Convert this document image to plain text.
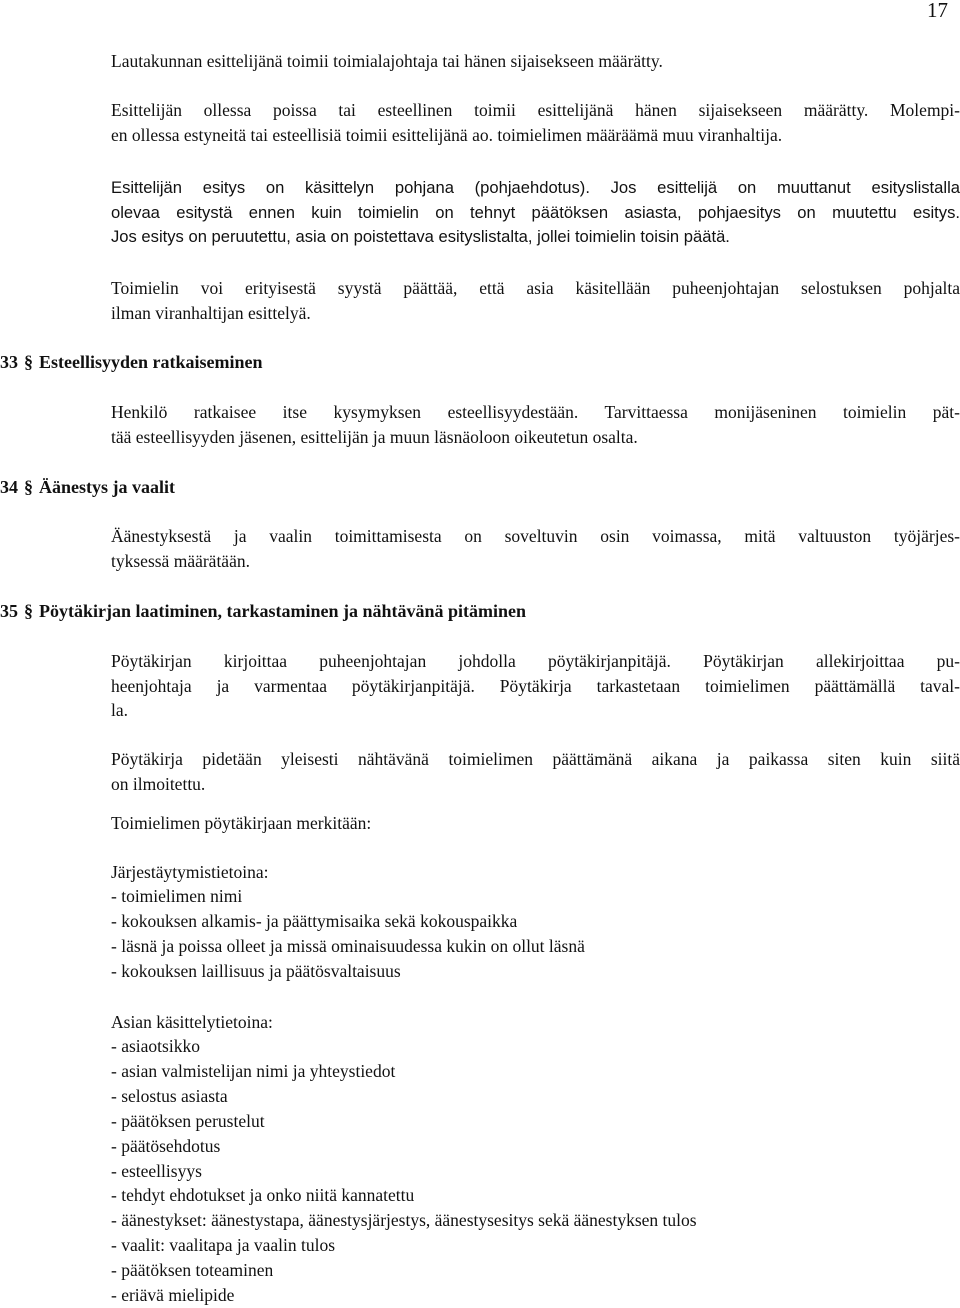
17

Lautakunnan esittelijänä toimii toimialajohtaja tai hänen sijaisekseen määrätty.

Esittelijän ollessa poissa tai esteellinen toimii esittelijänä hänen sijaisekseen määrätty. Molempi-
en ollessa estyneitä tai esteellisiä toimii esittelijänä ao. toimielimen määräämä muu viranhaltija.

Esittelijän esitys on käsittelyn pohjana (pohjaehdotus). Jos esittelijä on muuttanut esityslistalla
olevaa esitystä ennen kuin toimielin on tehnyt päätöksen asiasta, pohjaesitys on muutettu esitys.
Jos esitys on peruutettu, asia on poistettava esityslistalta, jollei toimielin toisin päätä.

Toimielin voi erityisestä syystä päättää, että asia käsitellään puheenjohtajan selostuksen pohjalta
ilman viranhaltijan esittelyä.

33 § Esteellisyyden ratkaiseminen

Henkilö ratkaisee itse kysymyksen esteellisyydestään. Tarvittaessa monijäseninen toimielin pät-
tää esteellisyyden jäsenen, esittelijän ja muun läsnäoloon oikeutetun osalta.

34 § Äänestys ja vaalit

Äänestyksestä ja vaalin toimittamisesta on soveltuvin osin voimassa, mitä valtuuston työjärjes-
tyksessä määrätään.

35 § Pöytäkirjan laatiminen, tarkastaminen ja nähtävänä pitäminen

Pöytäkirjan kirjoittaa puheenjohtajan johdolla pöytäkirjanpitäjä. Pöytäkirjan allekirjoittaa pu-
heenjohtaja ja varmentaa pöytäkirjanpitäjä. Pöytäkirja tarkastetaan toimielimen päättämällä taval-
la.

Pöytäkirja pidetään yleisesti nähtävänä toimielimen päättämänä aikana ja paikassa siten kuin siitä
on ilmoitettu.

Toimielimen pöytäkirjaan merkitään:

Järjestäytymistietoina:

- toimielimen nimi
- kokouksen alkamis- ja päättymisaika sekä kokouspaikka
- läsnä ja poissa olleet ja missä ominaisuudessa kukin on ollut läsnä
- kokouksen laillisuus ja päätösvaltaisuus

Asian käsittelytietoina:

- asiaotsikko
- asian valmistelijan nimi ja yhteystiedot
- selostus asiasta
- päätöksen perustelut
- päätösehdotus
- esteellisyys
- tehdyt ehdotukset ja onko niitä kannatettu
- äänestykset: äänestystapa, äänestysjärjestys, äänestysesitys sekä äänestyksen tulos
- vaalit: vaalitapa ja vaalin tulos
- päätöksen toteaminen
- eriävä mielipide
